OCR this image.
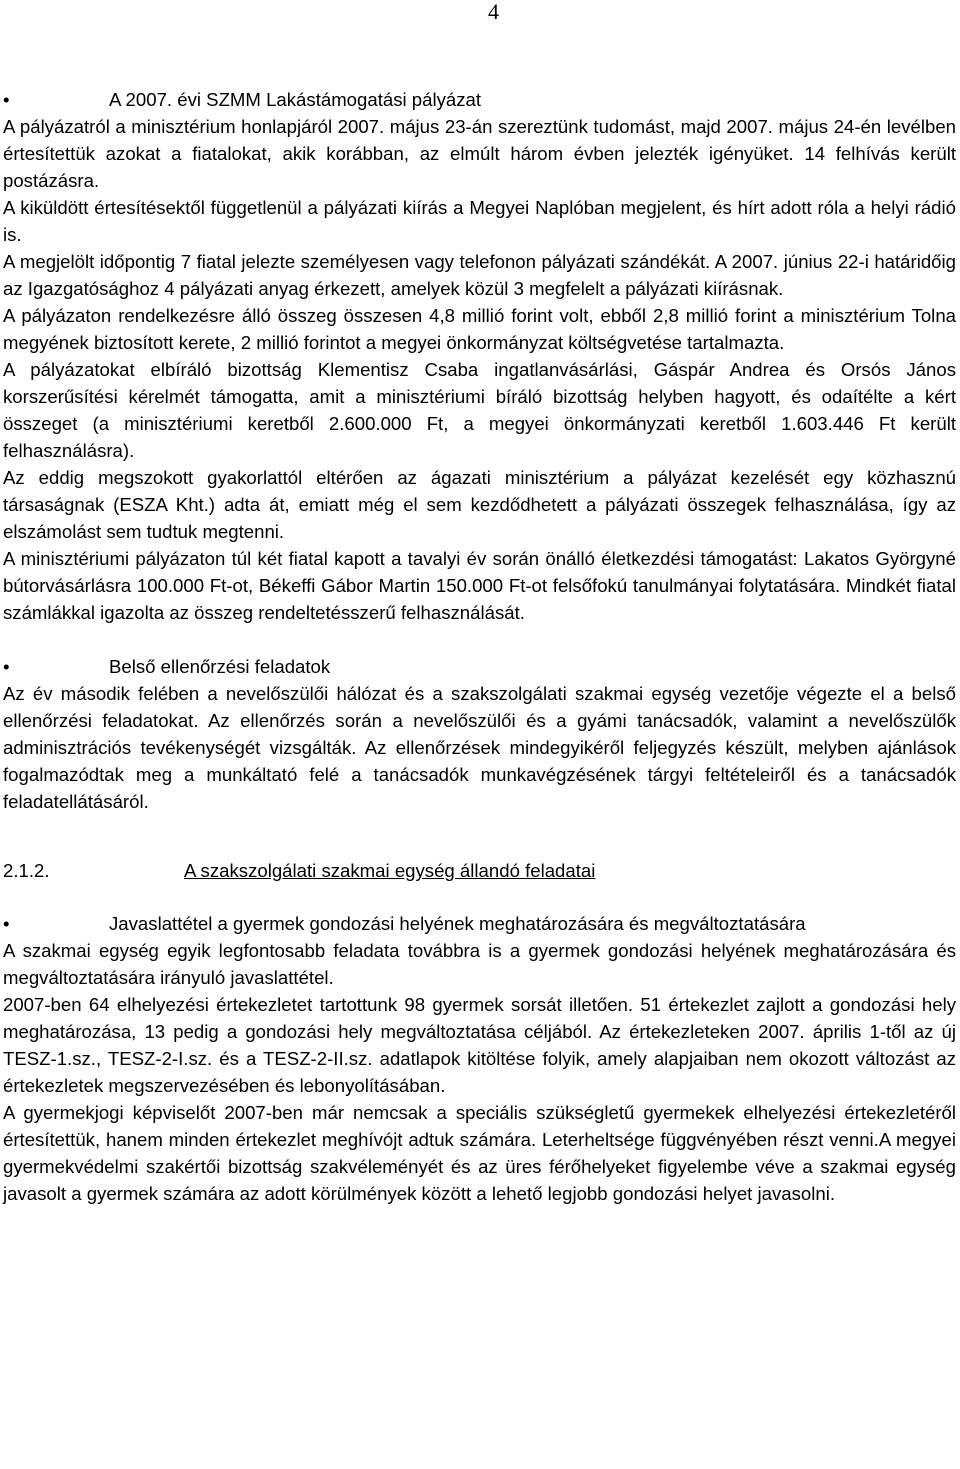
4
•	A 2007. évi SZMM Lakástámogatási pályázat
A pályázatról a minisztérium honlapjáról 2007. május 23-án szereztünk tudomást, majd 2007. május 24-én levélben értesítettük azokat a fiatalokat, akik korábban, az elmúlt három évben jelezték igényüket. 14 felhívás került postázásra.
A kiküldött értesítésektől függetlenül a pályázati kiírás a Megyei Naplóban megjelent, és hírt adott róla a helyi rádió is.
A megjelölt időpontig 7 fiatal jelezte személyesen vagy telefonon pályázati szándékát. A 2007. június 22-i határidőig az Igazgatósághoz 4 pályázati anyag érkezett, amelyek közül 3 megfelelt a pályázati kiírásnak.
A pályázaton rendelkezésre álló összeg összesen 4,8 millió forint volt, ebből 2,8 millió forint a minisztérium Tolna megyének biztosított kerete, 2 millió forintot a megyei önkormányzat költségvetése tartalmazta.
A pályázatokat elbíráló bizottság Klementisz Csaba ingatlanvásárlási, Gáspár Andrea és Orsós János korszerűsítési kérelmét támogatta, amit a minisztériumi bíráló bizottság helyben hagyott, és odaítélte a kért összeget (a minisztériumi keretből 2.600.000 Ft, a megyei önkormányzati keretből 1.603.446 Ft került felhasználásra).
Az eddig megszokott gyakorlattól eltérően az ágazati minisztérium a pályázat kezelését egy közhasznú társaságnak (ESZA Kht.) adta át, emiatt még el sem kezdődhetett a pályázati összegek felhasználása, így az elszámolást sem tudtuk megtenni.
A minisztériumi pályázaton túl két fiatal kapott a tavalyi év során önálló életkezdési támogatást: Lakatos Györgyné bútorvásárlásra 100.000 Ft-ot, Békeffi Gábor Martin 150.000 Ft-ot felsőfokú tanulmányai folytatására. Mindkét fiatal számlákkal igazolta az összeg rendeltetésszerű felhasználását.
•	Belső ellenőrzési feladatok
Az év második felében a nevelőszülői hálózat és a szakszolgálati szakmai egység vezetője végezte el a belső ellenőrzési feladatokat. Az ellenőrzés során a nevelőszülői és a gyámi tanácsadók, valamint a nevelőszülők adminisztrációs tevékenységét vizsgálták. Az ellenőrzések mindegyikéről feljegyzés készült, melyben ajánlások fogalmazódtak meg a munkáltató felé a tanácsadók munkavégzésének tárgyi feltételeiről és a tanácsadók feladatellátásáról.
2.1.2.	A szakszolgálati szakmai egység állandó feladatai
•	Javaslattétel a gyermek gondozási helyének meghatározására és megváltoztatására
A szakmai egység egyik legfontosabb feladata továbbra is a gyermek gondozási helyének meghatározására és megváltoztatására irányuló javaslattétel.
2007-ben 64 elhelyezési értekezletet tartottunk 98 gyermek sorsát illetően. 51 értekezlet zajlott a gondozási hely meghatározása, 13 pedig a gondozási hely megváltoztatása céljából. Az értekezleteken 2007. április 1-től az új TESZ-1.sz., TESZ-2-I.sz. és a TESZ-2-II.sz. adatlapok kitöltése folyik, amely alapjaiban nem okozott változást az értekezletek megszervezésében és lebonyolításában.
A gyermekjogi képviselőt 2007-ben már nemcsak a speciális szükségletű gyermekek elhelyezési értekezletéről értesítettük, hanem minden értekezlet meghívójt adtuk számára. Leterheltsége függvényében részt venni.A megyei gyermekvédelmi szakértői bizottság szakvéleményét és az üres férőhelyeket figyelembe véve a szakmai egység javasolt a gyermek számára az adott körülmények között a lehető legjobb gondozási helyet javasolni.
